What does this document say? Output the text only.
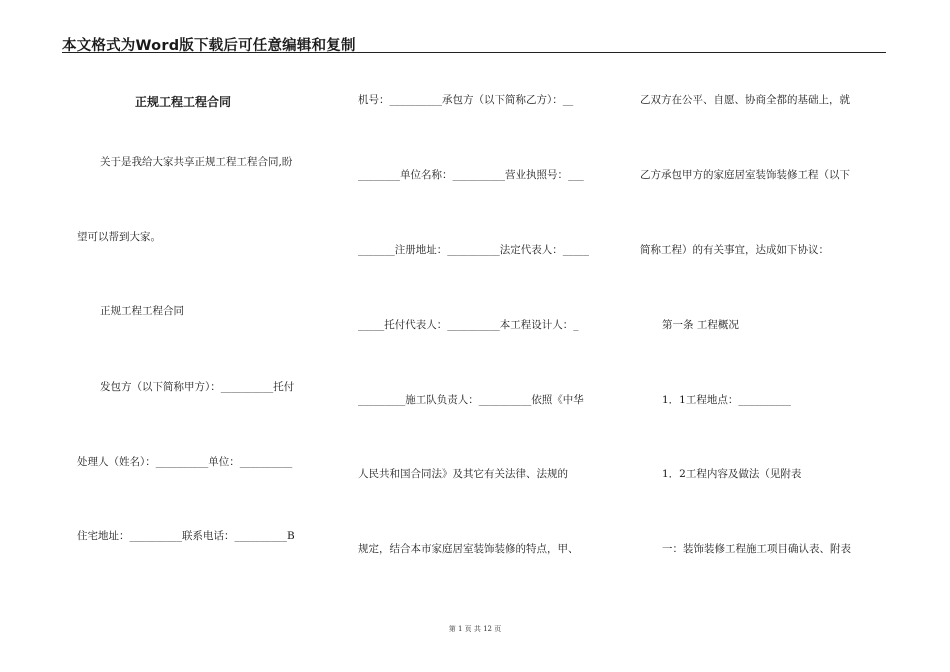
本文格式为Word版下载后可任意编辑和复制
正规工程工程合同
关于是我给大家共享正规工程工程合同,盼
望可以帮到大家。
正规工程工程合同
发包方（以下简称甲方）：__________托付
处理人（姓名）：__________单位：__________
住宅地址：__________联系电话：__________B
机号：__________承包方（以下简称乙方）：__
________单位名称：__________营业执照号：___
_______注册地址：__________法定代表人：_____
_____托付代表人：__________本工程设计人：_
_________施工队负责人：__________依照《中华
人民共和国合同法》及其它有关法律、法规的
规定，结合本市家庭居室装饰装修的特点，甲、
乙双方在公平、自愿、协商全都的基础上，就
乙方承包甲方的家庭居室装饰装修工程（以下
简称工程）的有关事宜，达成如下协议：
第一条 工程概况
1．1工程地点：__________
1．2工程内容及做法（见附表
一：装饰装修工程施工项目确认表、附表
第 1 页 共 12 页
